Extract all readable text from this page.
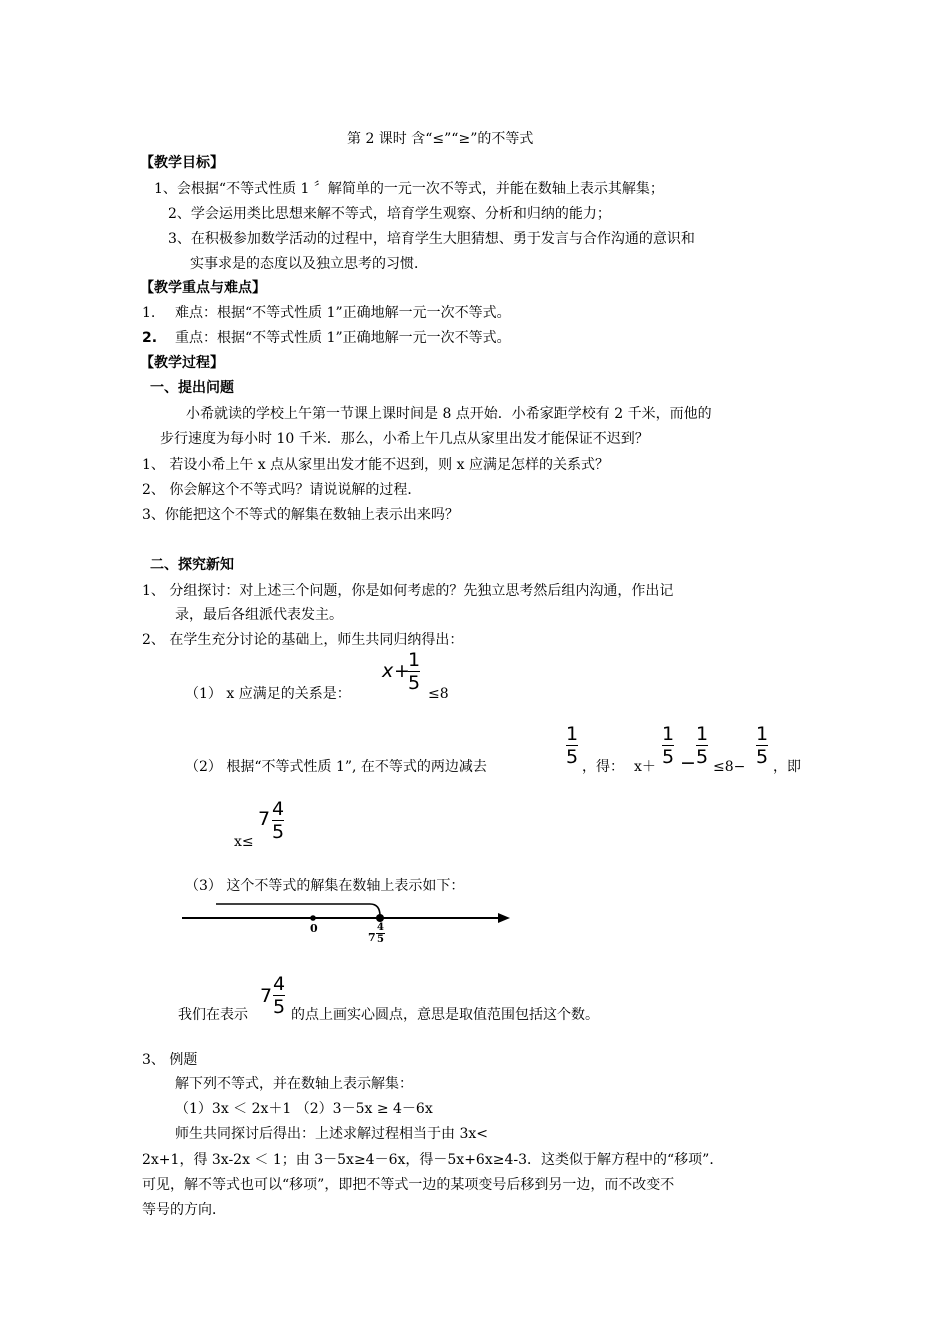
第 2 课时 含“≤”“≥”的不等式
【教学目标】
1、会根据“不等式性质 1 〞解简单的一元一次不等式，并能在数轴上表示其解集；
2、学会运用类比思想来解不等式，培育学生观察、分析和归纳的能力；
3、在积极参加数学活动的过程中，培育学生大胆猜想、勇于发言与合作沟通的意识和
实事求是的态度以及独立思考的习惯．
【教学重点与难点】
1. 难点：根据“不等式性质 1”正确地解一元一次不等式。
2. 重点：根据“不等式性质 1”正确地解一元一次不等式。
【教学过程】
一、提出问题
小希就读的学校上午第一节课上课时间是 8 点开始．小希家距学校有 2 千米，而他的
步行速度为每小时 10 千米．那么，小希上午几点从家里出发才能保证不迟到？
1、 若设小希上午 x 点从家里出发才能不迟到，则 x 应满足怎样的关系式？
2、 你会解这个不等式吗？请说说解的过程．
3、你能把这个不等式的解集在数轴上表示出来吗？
二、探究新知
1、 分组探讨：对上述三个问题，你是如何考虑的？先独立思考然后组内沟通，作出记
录，最后各组派代表发主。
2、 在学生充分讨论的基础上，师生共同归纳得出：
（1） x 应满足的关系是：
x +
1
5 ≤8
（2） 根据“不等式性质 1”, 在不等式的两边减去
1
5 ，得： x＋
1
5 −
1
5 ≤8−
1
5 ，即
x≤
7 4
5
（3） 这个不等式的解集在数轴上表示如下：
0
7
4
5
我们在表示
7
4
5 的点上画实心圆点，意思是取值范围包括这个数。
3、 例题
解下列不等式，并在数轴上表示解集：
（1）3x ＜ 2x＋1 （2）3－5x ≥ 4－6x
师生共同探讨后得出：上述求解过程相当于由 3x<
2x+1，得 3x-2x ＜ 1；由 3－5x≥4－6x，得－5x+6x≥4-3．这类似于解方程中的“移项”．
可见，解不等式也可以“移项”，即把不等式一边的某项变号后移到另一边，而不改变不
等号的方向．
